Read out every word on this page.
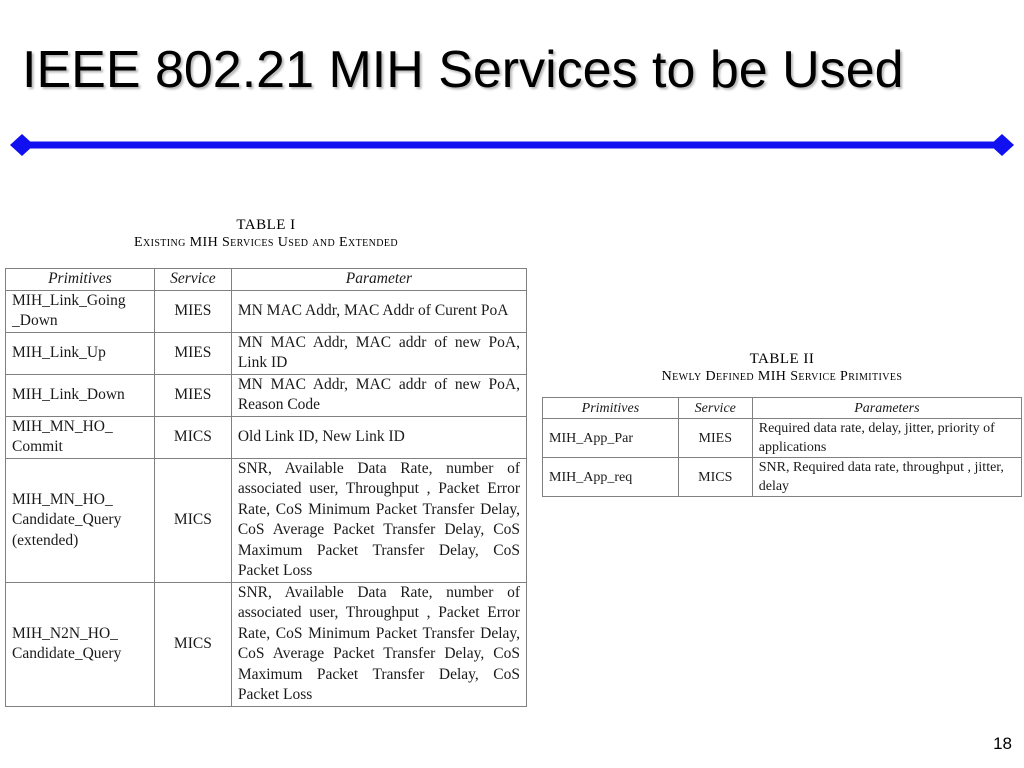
IEEE 802.21 MIH Services to be Used
TABLE I
Existing MIH Services Used and Extended
Primitives	Service	Parameter
MIH_Link_Going _Down	MIES	MN MAC Addr, MAC Addr of Curent PoA
MIH_Link_Up	MIES	MN MAC Addr, MAC addr of new PoA, Link ID
MIH_Link_Down	MIES	MN MAC Addr, MAC addr of new PoA, Reason Code
MIH_MN_HO_ Commit	MICS	Old Link ID, New Link ID
MIH_MN_HO_ Candidate_Query (extended)	MICS	SNR, Available Data Rate, number of associated user, Throughput , Packet Error Rate, CoS Minimum Packet Transfer Delay, CoS Average Packet Transfer Delay, CoS Maximum Packet Transfer Delay, CoS Packet Loss
MIH_N2N_HO_ Candidate_Query	MICS	SNR, Available Data Rate, number of associated user, Throughput , Packet Error Rate, CoS Minimum Packet Transfer Delay, CoS Average Packet Transfer Delay, CoS Maximum Packet Transfer Delay, CoS Packet Loss
TABLE II
Newly Defined MIH Service Primitives
Primitives	Service	Parameters
MIH_App_Par	MIES	Required data rate, delay, jitter, priority of applications
MIH_App_req	MICS	SNR, Required data rate, throughput , jitter, delay
18
